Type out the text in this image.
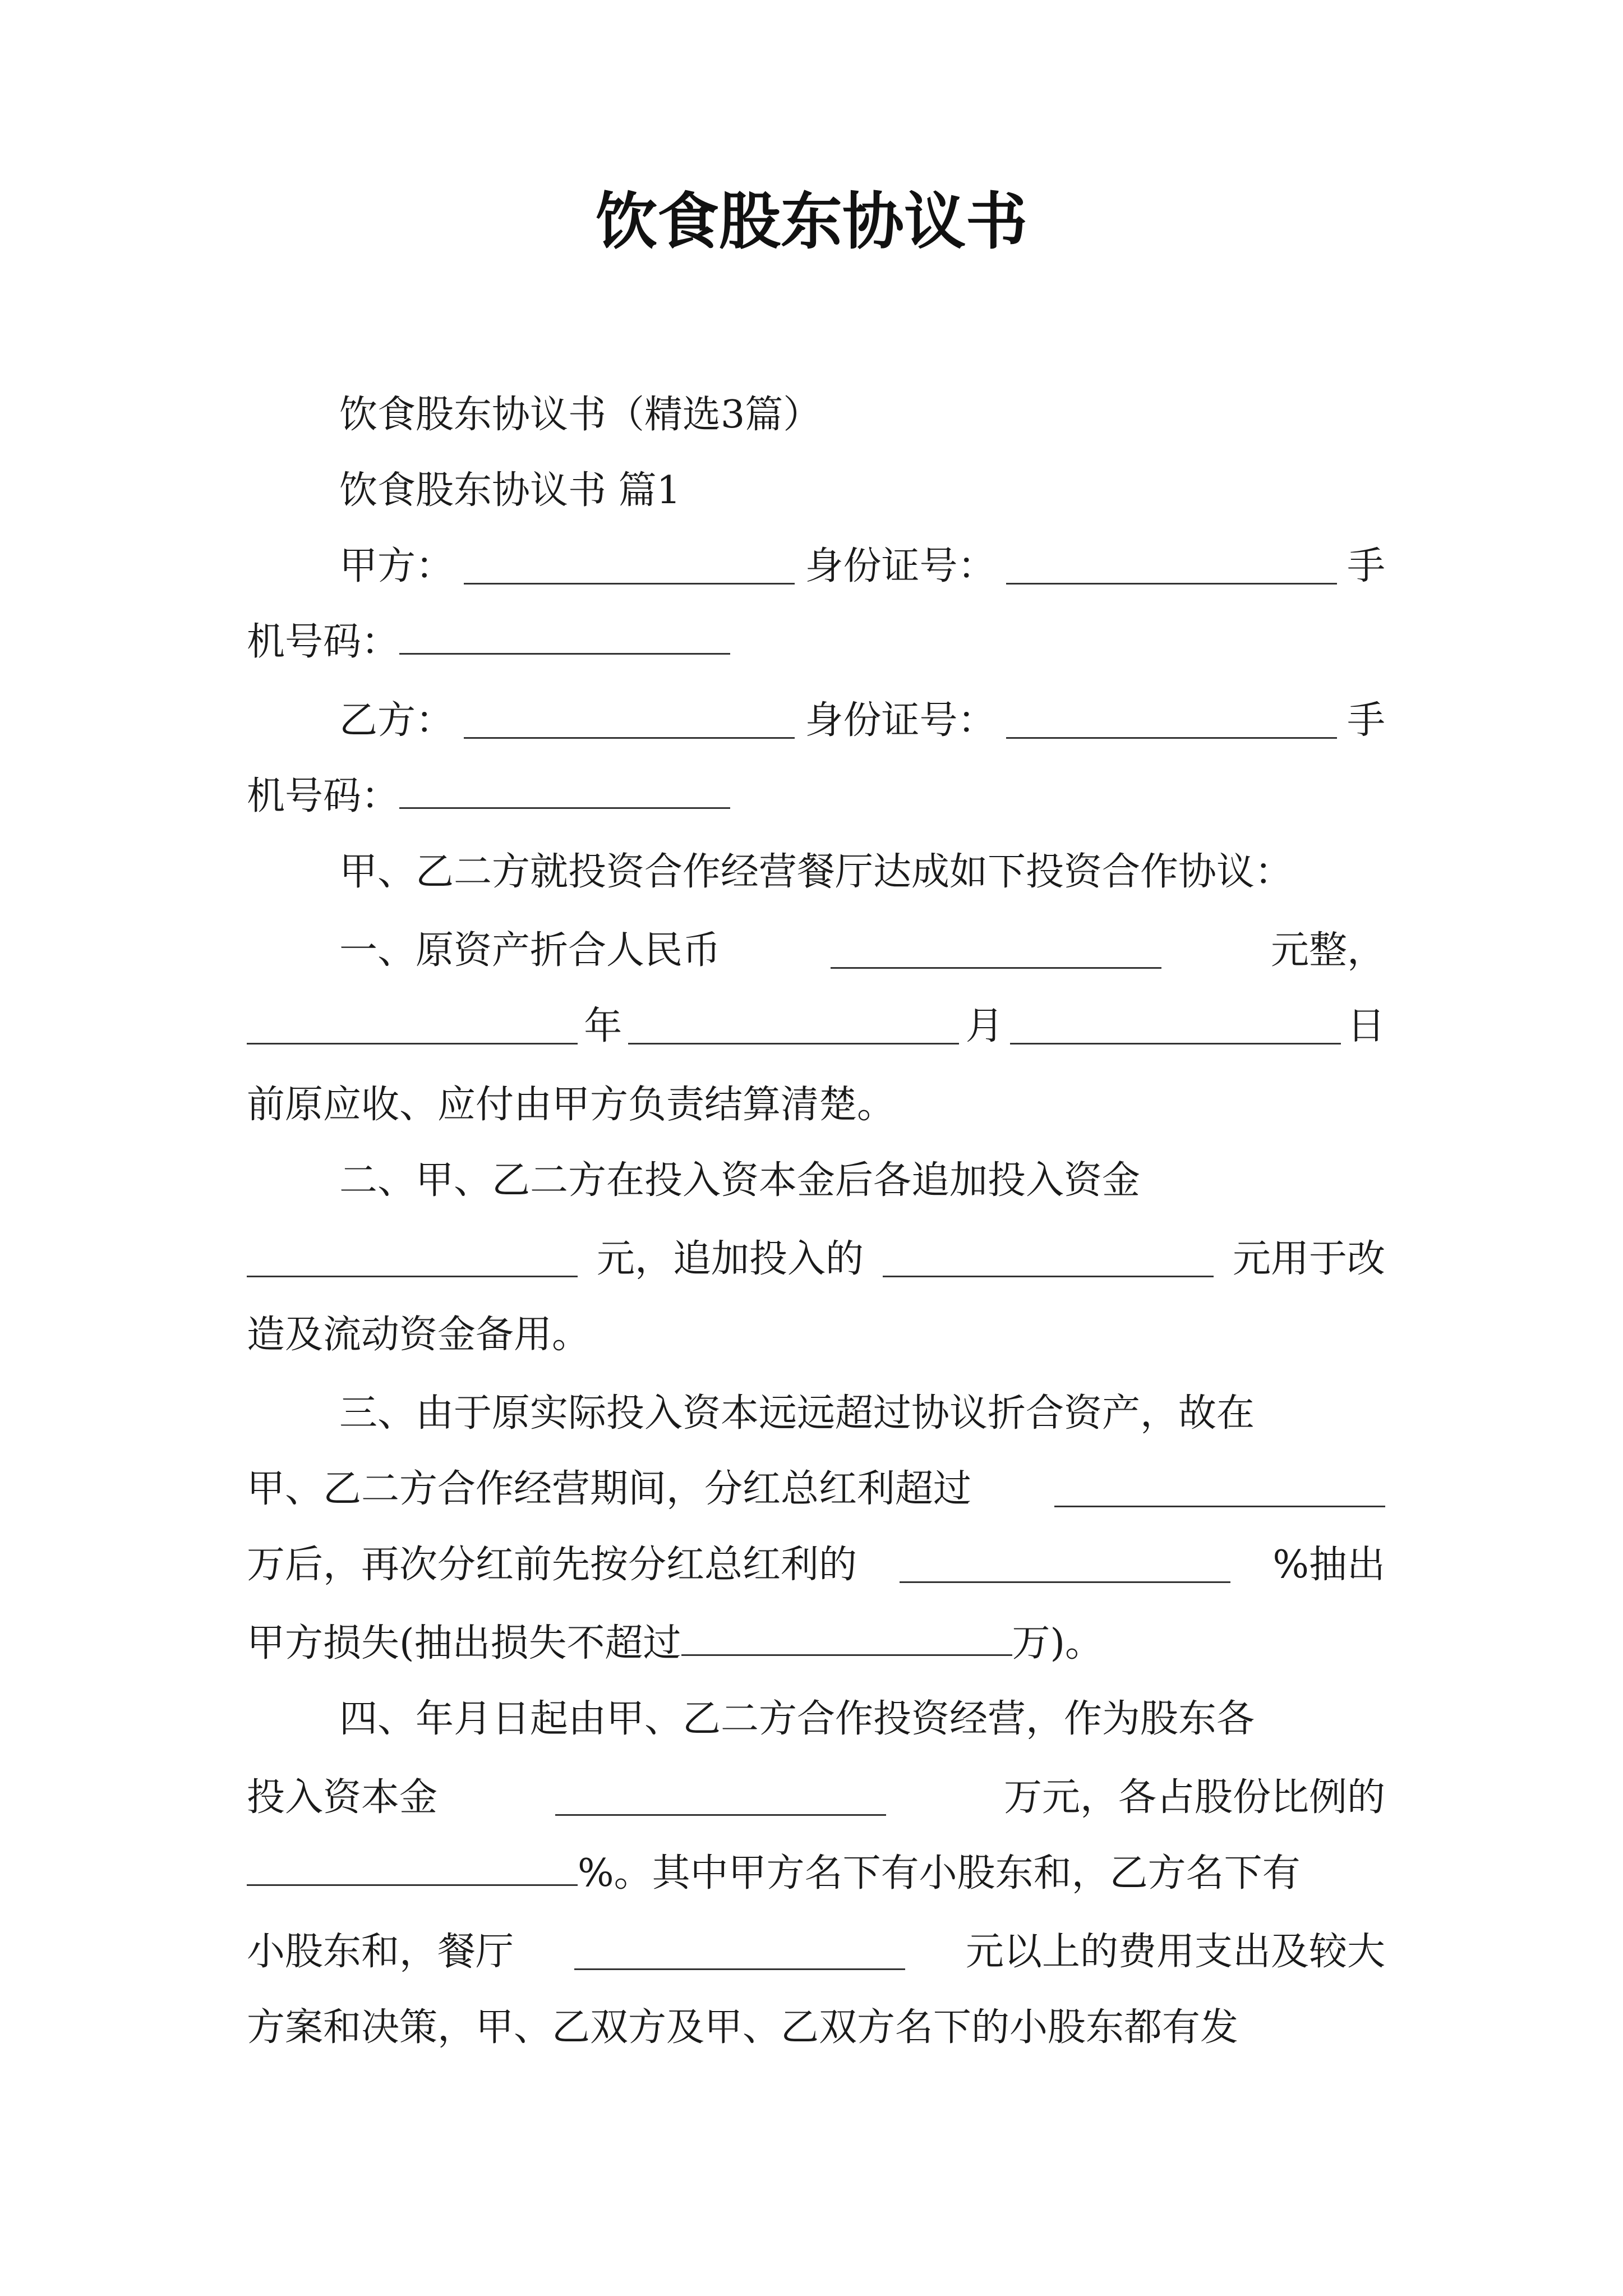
饮食股东协议书
饮食股东协议书（精选3篇）
饮食股东协议书 篇1
甲方：	身份证号：	手
机号码：
乙方：	身份证号：	手
机号码：
甲、乙二方就投资合作经营餐厅达成如下投资合作协议：
一、原资产折合人民币	元整，
年	月	日
前原应收、应付由甲方负责结算清楚。
二、甲、乙二方在投入资本金后各追加投入资金
元，追加投入的	元用于改
造及流动资金备用。
三、由于原实际投入资本远远超过协议折合资产，故在
甲、乙二方合作经营期间，分红总红利超过
万后，再次分红前先按分红总红利的	%抽出
甲方损失(抽出损失不超过	万)。
四、年月日起由甲、乙二方合作投资经营，作为股东各
投入资本金	万元，各占股份比例的
%。其中甲方名下有小股东和，乙方名下有
小股东和，餐厅	元以上的费用支出及较大
方案和决策，甲、乙双方及甲、乙双方名下的小股东都有发
